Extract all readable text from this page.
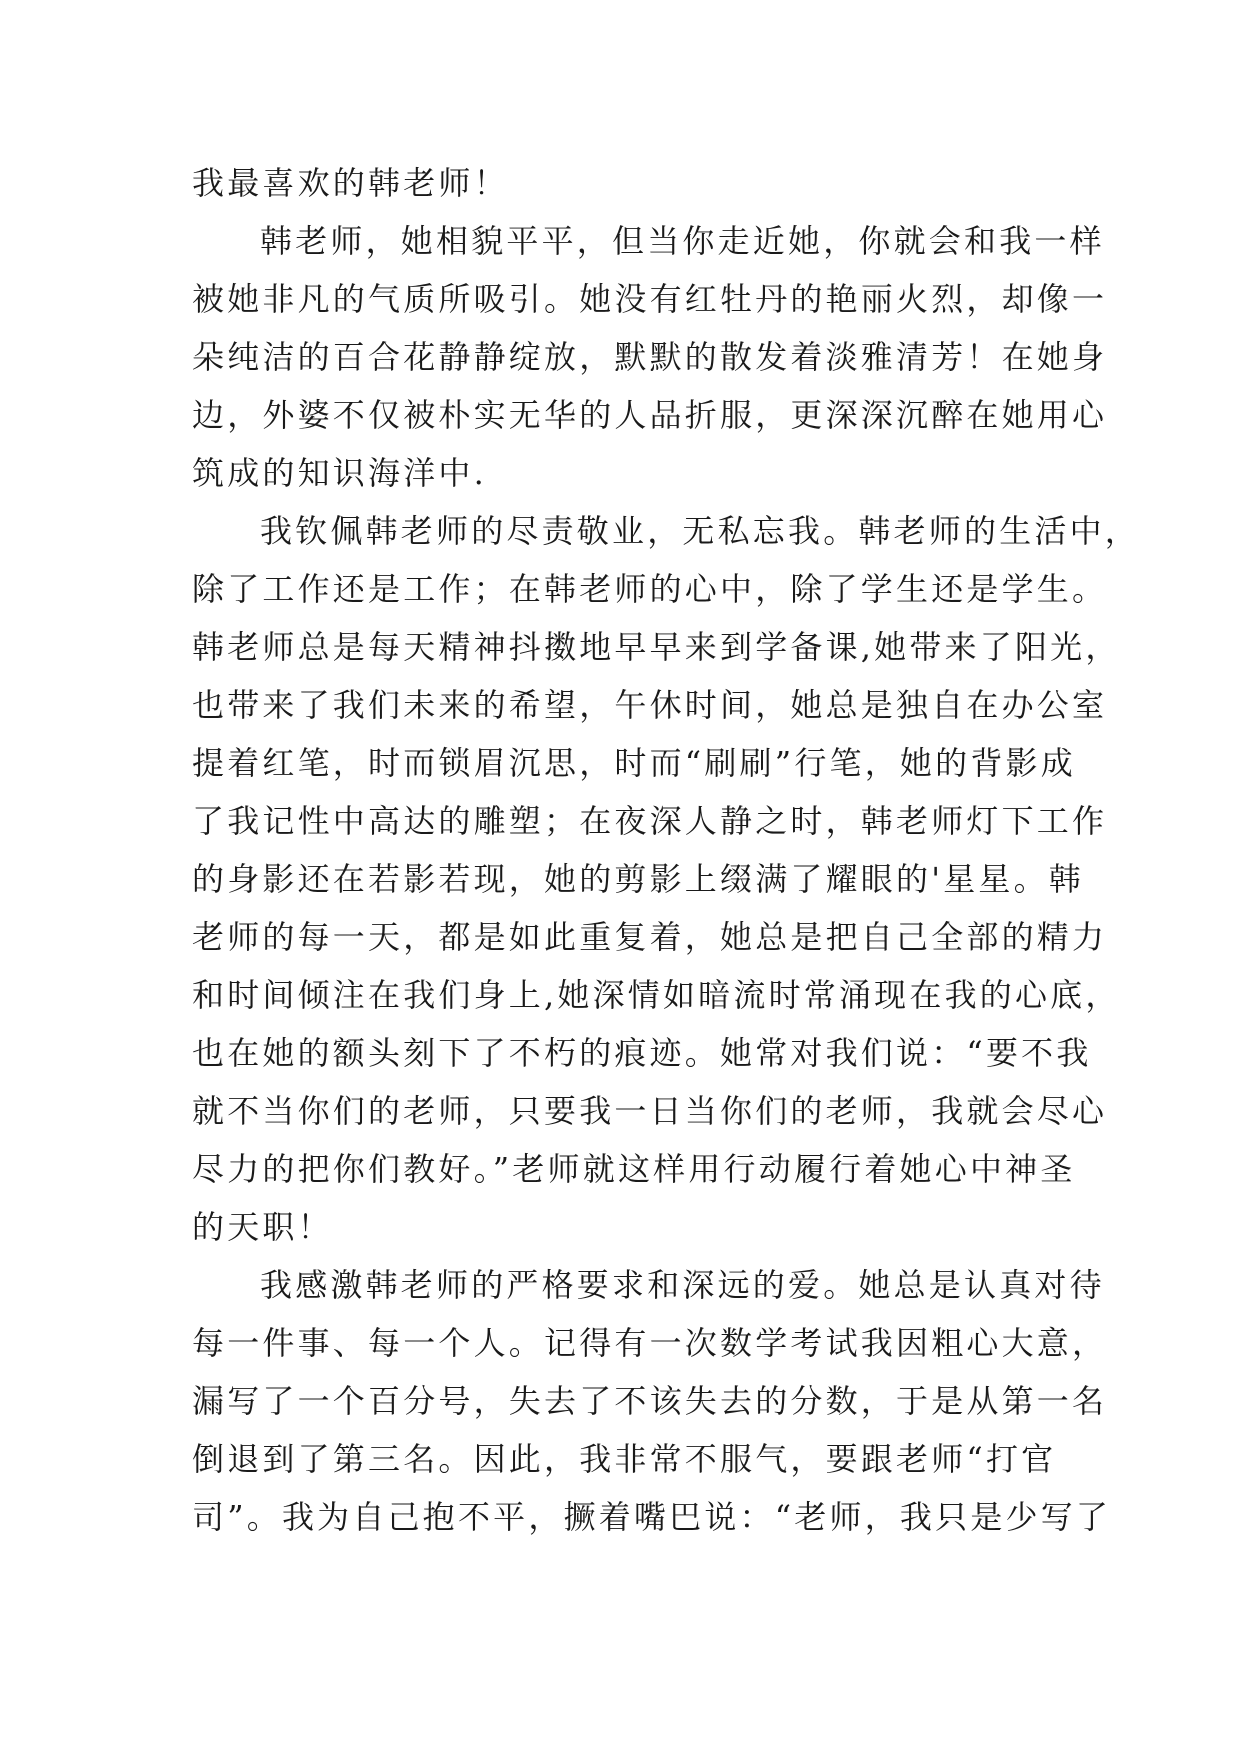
我最喜欢的韩老师！
韩老师，她相貌平平，但当你走近她，你就会和我一样
被她非凡的气质所吸引。她没有红牡丹的艳丽火烈，却像一
朵纯洁的百合花静静绽放，默默的散发着淡雅清芳！在她身
边，外婆不仅被朴实无华的人品折服，更深深沉醉在她用心
筑成的知识海洋中.
我钦佩韩老师的尽责敬业，无私忘我。韩老师的生活中，
除了工作还是工作；在韩老师的心中，除了学生还是学生。
韩老师总是每天精神抖擞地早早来到学备课,她带来了阳光，
也带来了我们未来的希望，午休时间，她总是独自在办公室
提着红笔，时而锁眉沉思，时而“刷刷”行笔，她的背影成
了我记性中高达的雕塑；在夜深人静之时，韩老师灯下工作
的身影还在若影若现，她的剪影上缀满了耀眼的'星星。韩
老师的每一天，都是如此重复着，她总是把自己全部的精力
和时间倾注在我们身上,她深情如暗流时常涌现在我的心底，
也在她的额头刻下了不朽的痕迹。她常对我们说：“要不我
就不当你们的老师，只要我一日当你们的老师，我就会尽心
尽力的把你们教好。”老师就这样用行动履行着她心中神圣
的天职！
我感激韩老师的严格要求和深远的爱。她总是认真对待
每一件事、每一个人。记得有一次数学考试我因粗心大意，
漏写了一个百分号，失去了不该失去的分数，于是从第一名
倒退到了第三名。因此，我非常不服气，要跟老师“打官
司”。我为自己抱不平，撅着嘴巴说：“老师，我只是少写了
